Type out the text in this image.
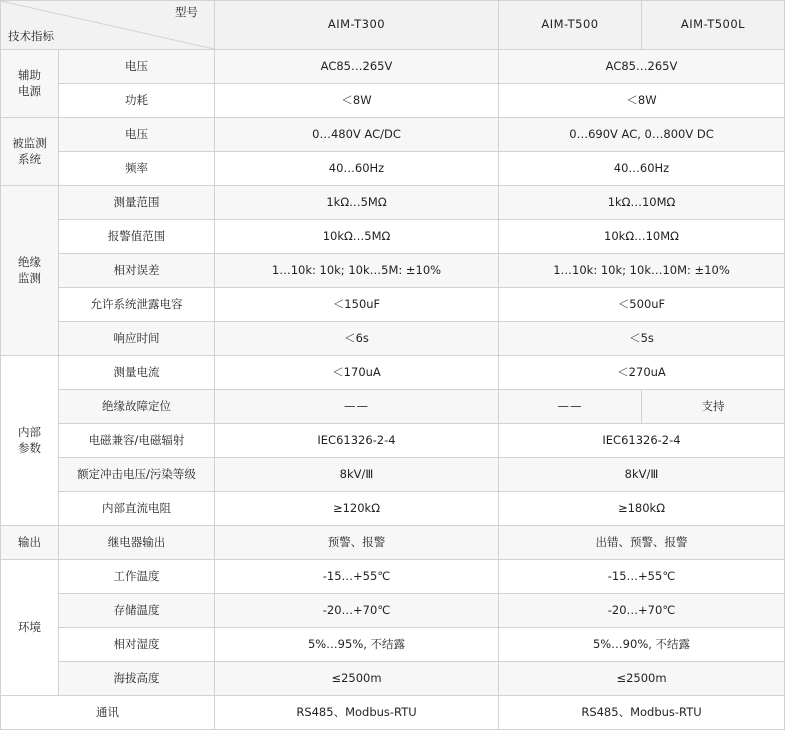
技术指标
型号		AIM-T300	AIM-T500	AIM-T500L
辅助
电源	电压	AC85…265V	AC85…265V	
	功耗	＜8W	＜8W	
被监测
系统	电压	0…480V AC/DC	0…690V AC, 0…800V DC	
	频率	40…60Hz	40…60Hz	
绝缘
监测	测量范围	1kΩ…5MΩ	1kΩ…10MΩ	
	报警值范围	10kΩ…5MΩ	10kΩ…10MΩ	
	相对误差	1…10k: 10k; 10k…5M: ±10%	1…10k: 10k; 10k…10M: ±10%	
	允许系统泄露电容	＜150uF	＜500uF	
	响应时间	＜6s	＜5s	
内部
参数	测量电流	＜170uA	＜270uA	
	绝缘故障定位	——	——	支持
	电磁兼容/电磁辐射	IEC61326-2-4	IEC61326-2-4	
	额定冲击电压/污染等级	8kV/Ⅲ	8kV/Ⅲ	
	内部直流电阻	≥120kΩ	≥180kΩ	
输出	继电器输出	预警、报警	出错、预警、报警	
环境	工作温度	-15…+55℃	-15…+55℃	
	存储温度	-20…+70℃	-20…+70℃	
	相对湿度	5%…95%, 不结露	5%…90%, 不结露	
	海拔高度	≤2500m	≤2500m	
通讯		RS485、Modbus-RTU	RS485、Modbus-RTU	
